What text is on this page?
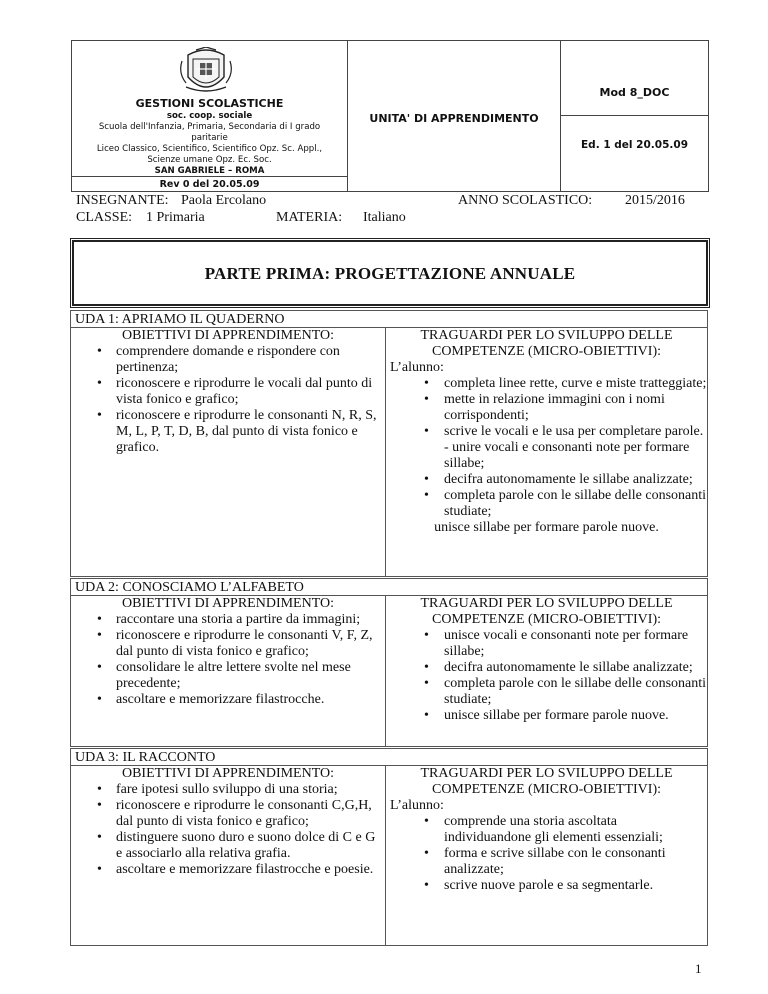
GESTIONI SCOLASTICHE
soc. coop. sociale
Scuola dell'Infanzia, Primaria, Secondaria di I grado
paritarie
Liceo Classico, Scientifico, Scientifico Opz. Sc. Appl.,
Scienze umane Opz. Ec. Soc.
SAN GABRIELE – ROMA
Rev 0 del 20.05.09
UNITA' DI APPRENDIMENTO
Mod 8_DOC
Ed. 1 del 20.05.09
INSEGNANTE: Paola Ercolano	ANNO SCOLASTICO: 2015/2016
CLASSE: 1 Primaria	MATERIA: Italiano
PARTE PRIMA: PROGETTAZIONE ANNUALE
UDA 1: APRIAMO IL QUADERNO
OBIETTIVI DI APPRENDIMENTO:
• comprendere domande e rispondere con pertinenza;
• riconoscere e riprodurre le vocali dal punto di vista fonico e grafico;
• riconoscere e riprodurre le consonanti N, R, S, M, L, P, T, D, B, dal punto di vista fonico e grafico.
TRAGUARDI PER LO SVILUPPO DELLE
COMPETENZE (MICRO-OBIETTIVI):
L’alunno:
• completa linee rette, curve e miste tratteggiate;
• mette in relazione immagini con i nomi corrispondenti;
• scrive le vocali e le usa per completare parole. - unire vocali e consonanti note per formare sillabe;
• decifra autonomamente le sillabe analizzate;
• completa parole con le sillabe delle consonanti studiate;
unisce sillabe per formare parole nuove.
UDA 2: CONOSCIAMO L’ALFABETO
OBIETTIVI DI APPRENDIMENTO:
• raccontare una storia a partire da immagini;
• riconoscere e riprodurre le consonanti V, F, Z, dal punto di vista fonico e grafico;
• consolidare le altre lettere svolte nel mese precedente;
• ascoltare e memorizzare filastrocche.
TRAGUARDI PER LO SVILUPPO DELLE
COMPETENZE (MICRO-OBIETTIVI):
• unisce vocali e consonanti note per formare sillabe;
• decifra autonomamente le sillabe analizzate;
• completa parole con le sillabe delle consonanti studiate;
• unisce sillabe per formare parole nuove.
UDA 3: IL RACCONTO
OBIETTIVI DI APPRENDIMENTO:
• fare ipotesi sullo sviluppo di una storia;
• riconoscere e riprodurre le consonanti C,G,H, dal punto di vista fonico e grafico;
• distinguere suono duro e suono dolce di C e G e associarlo alla relativa grafia.
• ascoltare e memorizzare filastrocche e poesie.
TRAGUARDI PER LO SVILUPPO DELLE
COMPETENZE (MICRO-OBIETTIVI):
L’alunno:
• comprende una storia ascoltata individuandone gli elementi essenziali;
• forma e scrive sillabe con le consonanti analizzate;
• scrive nuove parole e sa segmentarle.
1
